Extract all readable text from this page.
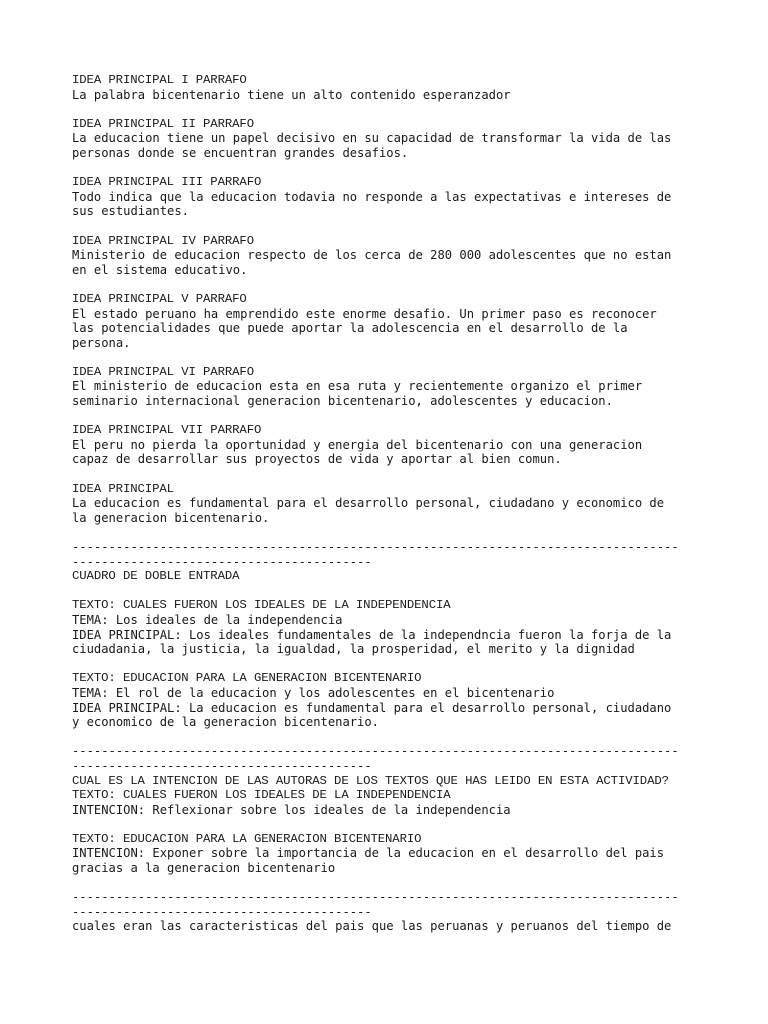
IDEA PRINCIPAL I PARRAFO
La palabra bicentenario tiene un alto contenido esperanzador
IDEA PRINCIPAL II PARRAFO
La educacion tiene un papel decisivo en su capacidad de transformar la vida de las
personas donde se encuentran grandes desafios.
IDEA PRINCIPAL III PARRAFO
Todo indica que la educacion todavia no responde a las expectativas e intereses de
sus estudiantes.
IDEA PRINCIPAL IV PARRAFO
Ministerio de educacion respecto de los cerca de 280 000 adolescentes que no estan
en el sistema educativo.
IDEA PRINCIPAL V PARRAFO
El estado peruano ha emprendido este enorme desafio. Un primer paso es reconocer
las potencialidades que puede aportar la adolescencia en el desarrollo de la
persona.
IDEA PRINCIPAL VI PARRAFO
El ministerio de educacion esta en esa ruta y recientemente organizo el primer
seminario internacional generacion bicentenario, adolescentes y educacion.
IDEA PRINCIPAL VII PARRAFO
El peru no pierda la oportunidad y energia del bicentenario con una generacion
capaz de desarrollar sus proyectos de vida y aportar al bien comun.
IDEA PRINCIPAL
La educacion es fundamental para el desarrollo personal, ciudadano y economico de
la generacion bicentenario.
-----------------------------------------------------------------------------------
-----------------------------------------
CUADRO DE DOBLE ENTRADA
TEXTO: CUALES FUERON LOS IDEALES DE LA INDEPENDENCIA
TEMA: Los ideales de la independencia
IDEA PRINCIPAL: Los ideales fundamentales de la independncia fueron la forja de la
ciudadania, la justicia, la igualdad, la prosperidad, el merito y la dignidad
TEXTO: EDUCACION PARA LA GENERACION BICENTENARIO
TEMA: El rol de la educacion y los adolescentes en el bicentenario
IDEA PRINCIPAL: La educacion es fundamental para el desarrollo personal, ciudadano
y economico de la generacion bicentenario.
-----------------------------------------------------------------------------------
-----------------------------------------
CUAL ES LA INTENCION DE LAS AUTORAS DE LOS TEXTOS QUE HAS LEIDO EN ESTA ACTIVIDAD?
TEXTO: CUALES FUERON LOS IDEALES DE LA INDEPENDENCIA
INTENCION: Reflexionar sobre los ideales de la independencia
TEXTO: EDUCACION PARA LA GENERACION BICENTENARIO
INTENCION: Exponer sobre la importancia de la educacion en el desarrollo del pais
gracias a la generacion bicentenario
-----------------------------------------------------------------------------------
-----------------------------------------
cuales eran las caracteristicas del pais que las peruanas y peruanos del tiempo de
